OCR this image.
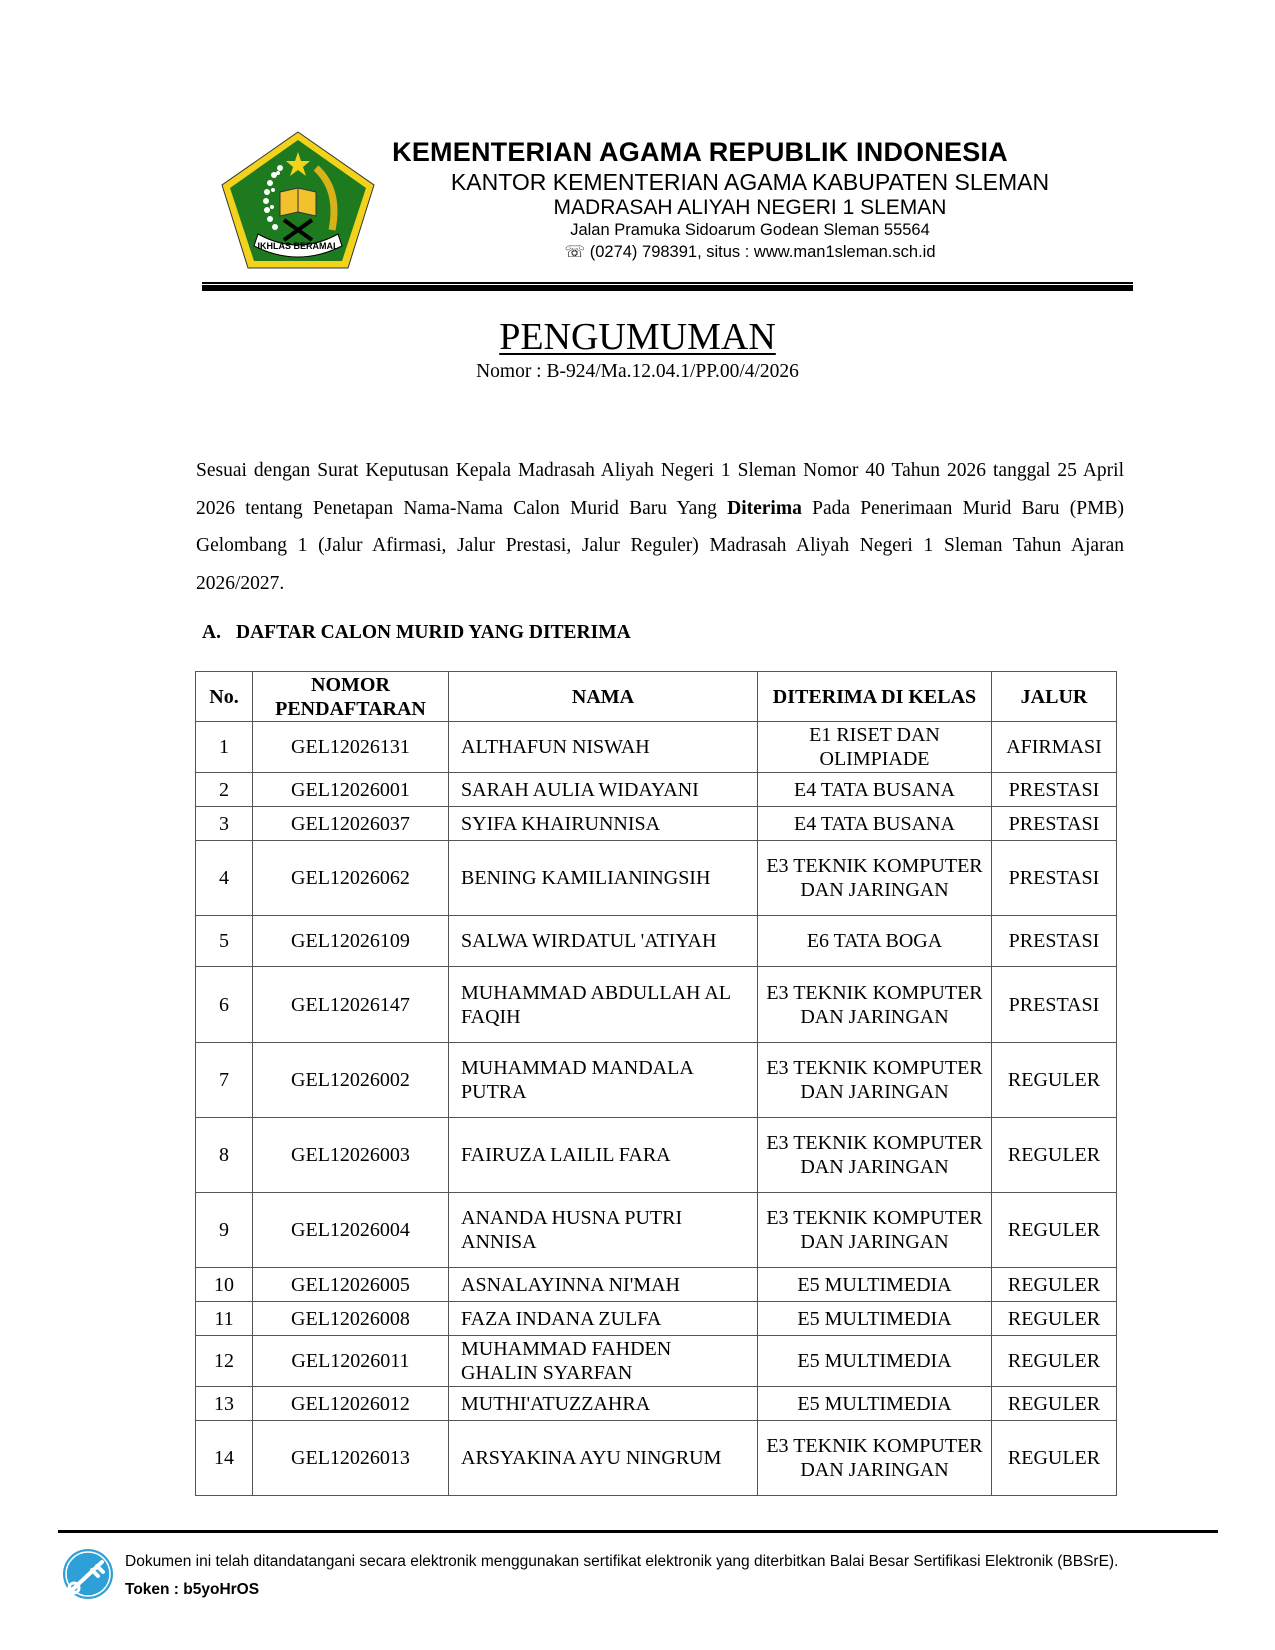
IKHLAS BERAMAL
KEMENTERIAN AGAMA REPUBLIK INDONESIA
KANTOR KEMENTERIAN AGAMA KABUPATEN SLEMAN
MADRASAH ALIYAH NEGERI 1 SLEMAN
Jalan Pramuka Sidoarum Godean Sleman 55564
☏ (0274) 798391, situs : www.man1sleman.sch.id
PENGUMUMAN
Nomor : B-924/Ma.12.04.1/PP.00/4/2026
Sesuai dengan Surat Keputusan Kepala Madrasah Aliyah Negeri 1 Sleman Nomor 40 Tahun 2026 tanggal 25 April 2026 tentang Penetapan Nama-Nama Calon Murid Baru Yang Diterima Pada Penerimaan Murid Baru (PMB) Gelombang 1 (Jalur Afirmasi, Jalur Prestasi, Jalur Reguler) Madrasah Aliyah Negeri 1 Sleman Tahun Ajaran 2026/2027.
A. DAFTAR CALON MURID YANG DITERIMA
No.	NOMOR PENDAFTARAN	NAMA	DITERIMA DI KELAS	JALUR
1	GEL12026131	ALTHAFUN NISWAH	E1 RISET DAN OLIMPIADE	AFIRMASI
2	GEL12026001	SARAH AULIA WIDAYANI	E4 TATA BUSANA	PRESTASI
3	GEL12026037	SYIFA KHAIRUNNISA	E4 TATA BUSANA	PRESTASI
4	GEL12026062	BENING KAMILIANINGSIH	E3 TEKNIK KOMPUTER DAN JARINGAN	PRESTASI
5	GEL12026109	SALWA WIRDATUL 'ATIYAH	E6 TATA BOGA	PRESTASI
6	GEL12026147	MUHAMMAD ABDULLAH AL FAQIH	E3 TEKNIK KOMPUTER DAN JARINGAN	PRESTASI
7	GEL12026002	MUHAMMAD MANDALA PUTRA	E3 TEKNIK KOMPUTER DAN JARINGAN	REGULER
8	GEL12026003	FAIRUZA LAILIL FARA	E3 TEKNIK KOMPUTER DAN JARINGAN	REGULER
9	GEL12026004	ANANDA HUSNA PUTRI ANNISA	E3 TEKNIK KOMPUTER DAN JARINGAN	REGULER
10	GEL12026005	ASNALAYINNA NI'MAH	E5 MULTIMEDIA	REGULER
11	GEL12026008	FAZA INDANA ZULFA	E5 MULTIMEDIA	REGULER
12	GEL12026011	MUHAMMAD FAHDEN GHALIN SYARFAN	E5 MULTIMEDIA	REGULER
13	GEL12026012	MUTHI'ATUZZAHRA	E5 MULTIMEDIA	REGULER
14	GEL12026013	ARSYAKINA AYU NINGRUM	E3 TEKNIK KOMPUTER DAN JARINGAN	REGULER
Dokumen ini telah ditandatangani secara elektronik menggunakan sertifikat elektronik yang diterbitkan Balai Besar Sertifikasi Elektronik (BBSrE).
Token : b5yoHrOS
